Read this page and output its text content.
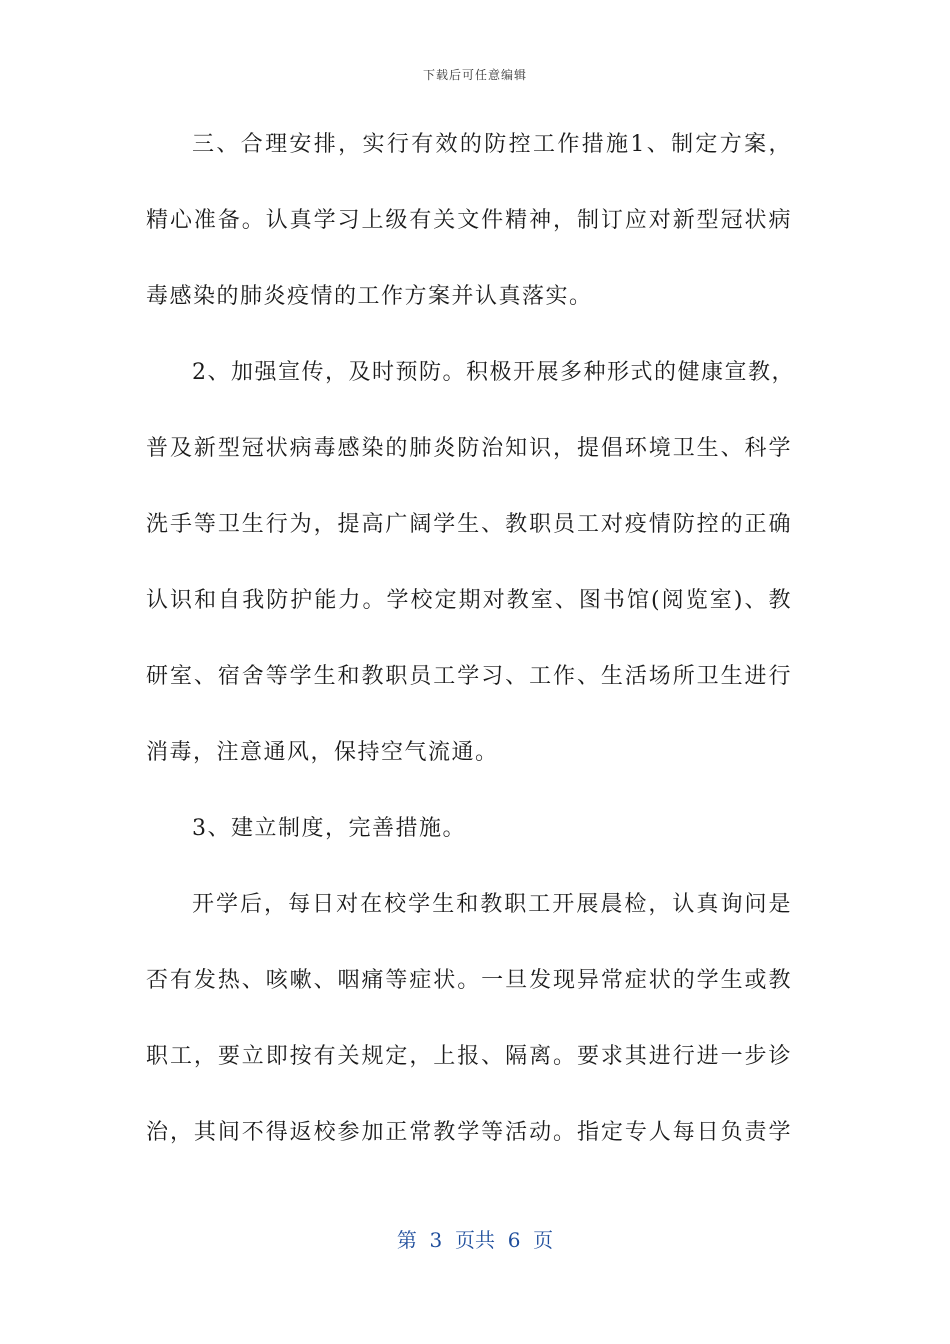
下载后可任意编辑
三、合理安排，实行有效的防控工作措施1、制定方案，
精心准备。认真学习上级有关文件精神，制订应对新型冠状病
毒感染的肺炎疫情的工作方案并认真落实。
2、加强宣传，及时预防。积极开展多种形式的健康宣教，
普及新型冠状病毒感染的肺炎防治知识，提倡环境卫生、科学
洗手等卫生行为，提高广阔学生、教职员工对疫情防控的正确
认识和自我防护能力。学校定期对教室、图书馆(阅览室)、教
研室、宿舍等学生和教职员工学习、工作、生活场所卫生进行
消毒，注意通风，保持空气流通。
3、建立制度，完善措施。
开学后，每日对在校学生和教职工开展晨检，认真询问是
否有发热、咳嗽、咽痛等症状。一旦发现异常症状的学生或教
职工，要立即按有关规定，上报、隔离。要求其进行进一步诊
治，其间不得返校参加正常教学等活动。指定专人每日负责学
第  3  页共  6  页
